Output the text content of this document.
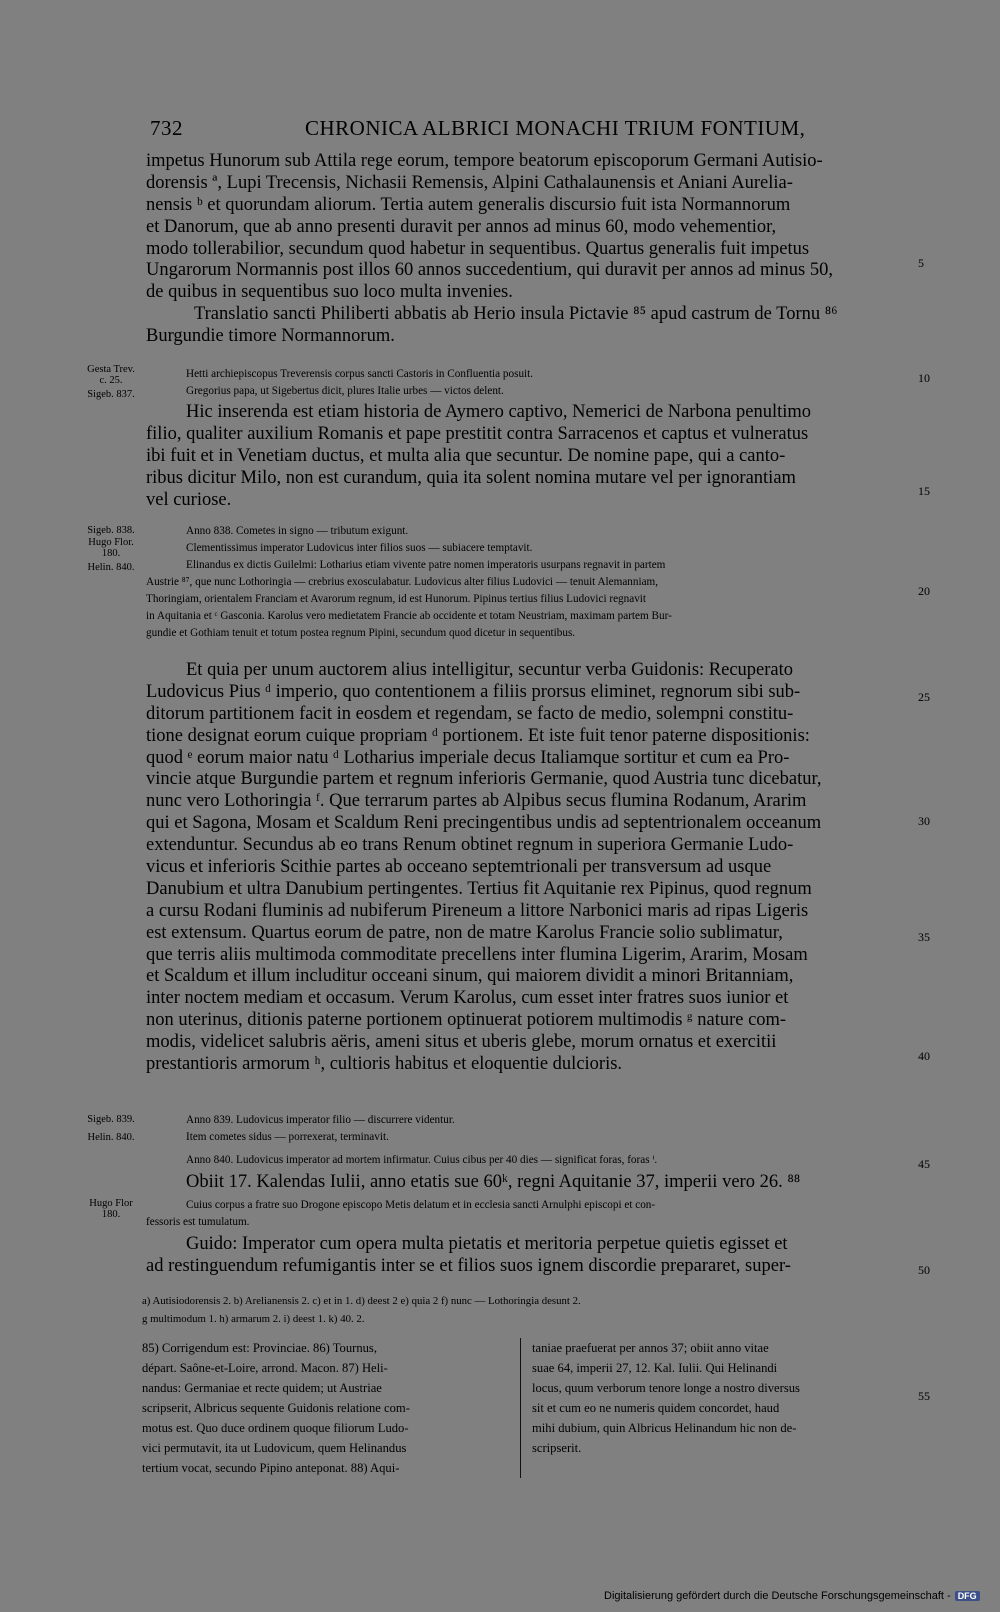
732	CHRONICA ALBRICI MONACHI TRIUM FONTIUM,
impetus Hunorum sub Attila rege eorum, tempore beatorum episcoporum Germani Autisio-
dorensis ª, Lupi Trecensis, Nichasii Remensis, Alpini Cathalaunensis et Aniani Aurelia-
nensis ᵇ et quorundam aliorum. Tertia autem generalis discursio fuit ista Normannorum
et Danorum, que ab anno presenti duravit per annos ad minus 60, modo vehementior,
modo tollerabilior, secundum quod habetur in sequentibus. Quartus generalis fuit impetus
Ungarorum Normannis post illos 60 annos succedentium, qui duravit per annos ad minus 50,
de quibus in sequentibus suo loco multa invenies.
Translatio sancti Philiberti abbatis ab Herio insula Pictavie ⁸⁵ apud castrum de Tornu ⁸⁶
Burgundie timore Normannorum.
Hetti archiepiscopus Treverensis corpus sancti Castoris in Confluentia posuit.
Gregorius papa, ut Sigebertus dicit, plures Italie urbes — victos delent.
Hic inserenda est etiam historia de Aymero captivo, Nemerici de Narbona penultimo
filio, qualiter auxilium Romanis et pape prestitit contra Sarracenos et captus et vulneratus
ibi fuit et in Venetiam ductus, et multa alia que secuntur. De nomine pape, qui a canto-
ribus dicitur Milo, non est curandum, quia ita solent nomina mutare vel per ignorantiam
vel curiose.
Anno 838. Cometes in signo — tributum exigunt.
Clementissimus imperator Ludovicus inter filios suos — subiacere temptavit.
Elinandus ex dictis Guilelmi: Lotharius etiam vivente patre nomen imperatoris usurpans regnavit in partem
Austrie ⁸⁷, que nunc Lothoringia — crebrius exosculabatur. Ludovicus alter filius Ludovici — tenuit Alemanniam,
Thoringiam, orientalem Franciam et Avarorum regnum, id est Hunorum. Pipinus tertius filius Ludovici regnavit
in Aquitania et ᶜ Gasconia. Karolus vero medietatem Francie ab occidente et totam Neustriam, maximam partem Bur-
gundie et Gothiam tenuit et totum postea regnum Pipini, secundum quod dicetur in sequentibus.
Et quia per unum auctorem alius intelligitur, secuntur verba Guidonis: Recuperato
Ludovicus Pius ᵈ imperio, quo contentionem a filiis prorsus eliminet, regnorum sibi sub-
ditorum partitionem facit in eosdem et regendam, se facto de medio, solempni constitu-
tione designat eorum cuique propriam ᵈ portionem. Et iste fuit tenor paterne dispositionis:
quod ᵉ eorum maior natu ᵈ Lotharius imperiale decus Italiamque sortitur et cum ea Pro-
vincie atque Burgundie partem et regnum inferioris Germanie, quod Austria tunc dicebatur,
nunc vero Lothoringia ᶠ. Que terrarum partes ab Alpibus secus flumina Rodanum, Ararim
qui et Sagona, Mosam et Scaldum Reni precingentibus undis ad septentrionalem occeanum
extenduntur. Secundus ab eo trans Renum obtinet regnum in superiora Germanie Ludo-
vicus et inferioris Scithie partes ab occeano septemtrionali per transversum ad usque
Danubium et ultra Danubium pertingentes. Tertius fit Aquitanie rex Pipinus, quod regnum
a cursu Rodani fluminis ad nubiferum Pireneum a littore Narbonici maris ad ripas Ligeris
est extensum. Quartus eorum de patre, non de matre Karolus Francie solio sublimatur,
que terris aliis multimoda commoditate precellens inter flumina Ligerim, Ararim, Mosam
et Scaldum et illum includitur occeani sinum, qui maiorem dividit a minori Britanniam,
inter noctem mediam et occasum. Verum Karolus, cum esset inter fratres suos iunior et
non uterinus, ditionis paterne portionem optinuerat potiorem multimodis ᵍ nature com-
modis, videlicet salubris aëris, ameni situs et uberis glebe, morum ornatus et exercitii
prestantioris armorum ʰ, cultioris habitus et eloquentie dulcioris.
Anno 839. Ludovicus imperator filio — discurrere videntur.
Item cometes sidus — porrexerat, terminavit.
Anno 840. Ludovicus imperator ad mortem infirmatur. Cuius cibus per 40 dies — significat foras, foras ⁱ.
Obiit 17. Kalendas Iulii, anno etatis sue 60ᵏ, regni Aquitanie 37, imperii vero 26. ⁸⁸
Cuius corpus a fratre suo Drogone episcopo Metis delatum et in ecclesia sancti Arnulphi episcopi et con-
fessoris est tumulatum.
Guido: Imperator cum opera multa pietatis et meritoria perpetue quietis egisset et
ad restinguendum refumigantis inter se et filios suos ignem discordie prepararet, super-
Gesta Trev.
c. 25.
Sigeb. 837.
Sigeb. 838.
Hugo Flor.
180.
Helin. 840.
Sigeb. 839.
Helin. 840.
Hugo Flor
180.
5
10
15
20
25
30
35
40
45
50
55
a) Autisiodorensis 2. b) Arelianensis 2. c) et in 1. d) deest 2 e) quia 2 f) nunc — Lothoringia desunt 2.
g multimodum 1. h) armarum 2. i) deest 1. k) 40. 2.
85) Corrigendum est: Provinciae. 86) Tournus,
départ. Saône-et-Loire, arrond. Macon. 87) Heli-
nandus: Germaniae et recte quidem; ut Austriae
scripserit, Albricus sequente Guidonis relatione com-
motus est. Quo duce ordinem quoque filiorum Ludo-
vici permutavit, ita ut Ludovicum, quem Helinandus
tertium vocat, secundo Pipino anteponat. 88) Aqui-
taniae praefuerat per annos 37; obiit anno vitae
suae 64, imperii 27, 12. Kal. Iulii. Qui Helinandi
locus, quum verborum tenore longe a nostro diversus
sit et cum eo ne numeris quidem concordet, haud
mihi dubium, quin Albricus Helinandum hic non de-
scripserit.
Digitalisierung gefördert durch die Deutsche Forschungsgemeinschaft - DFG
